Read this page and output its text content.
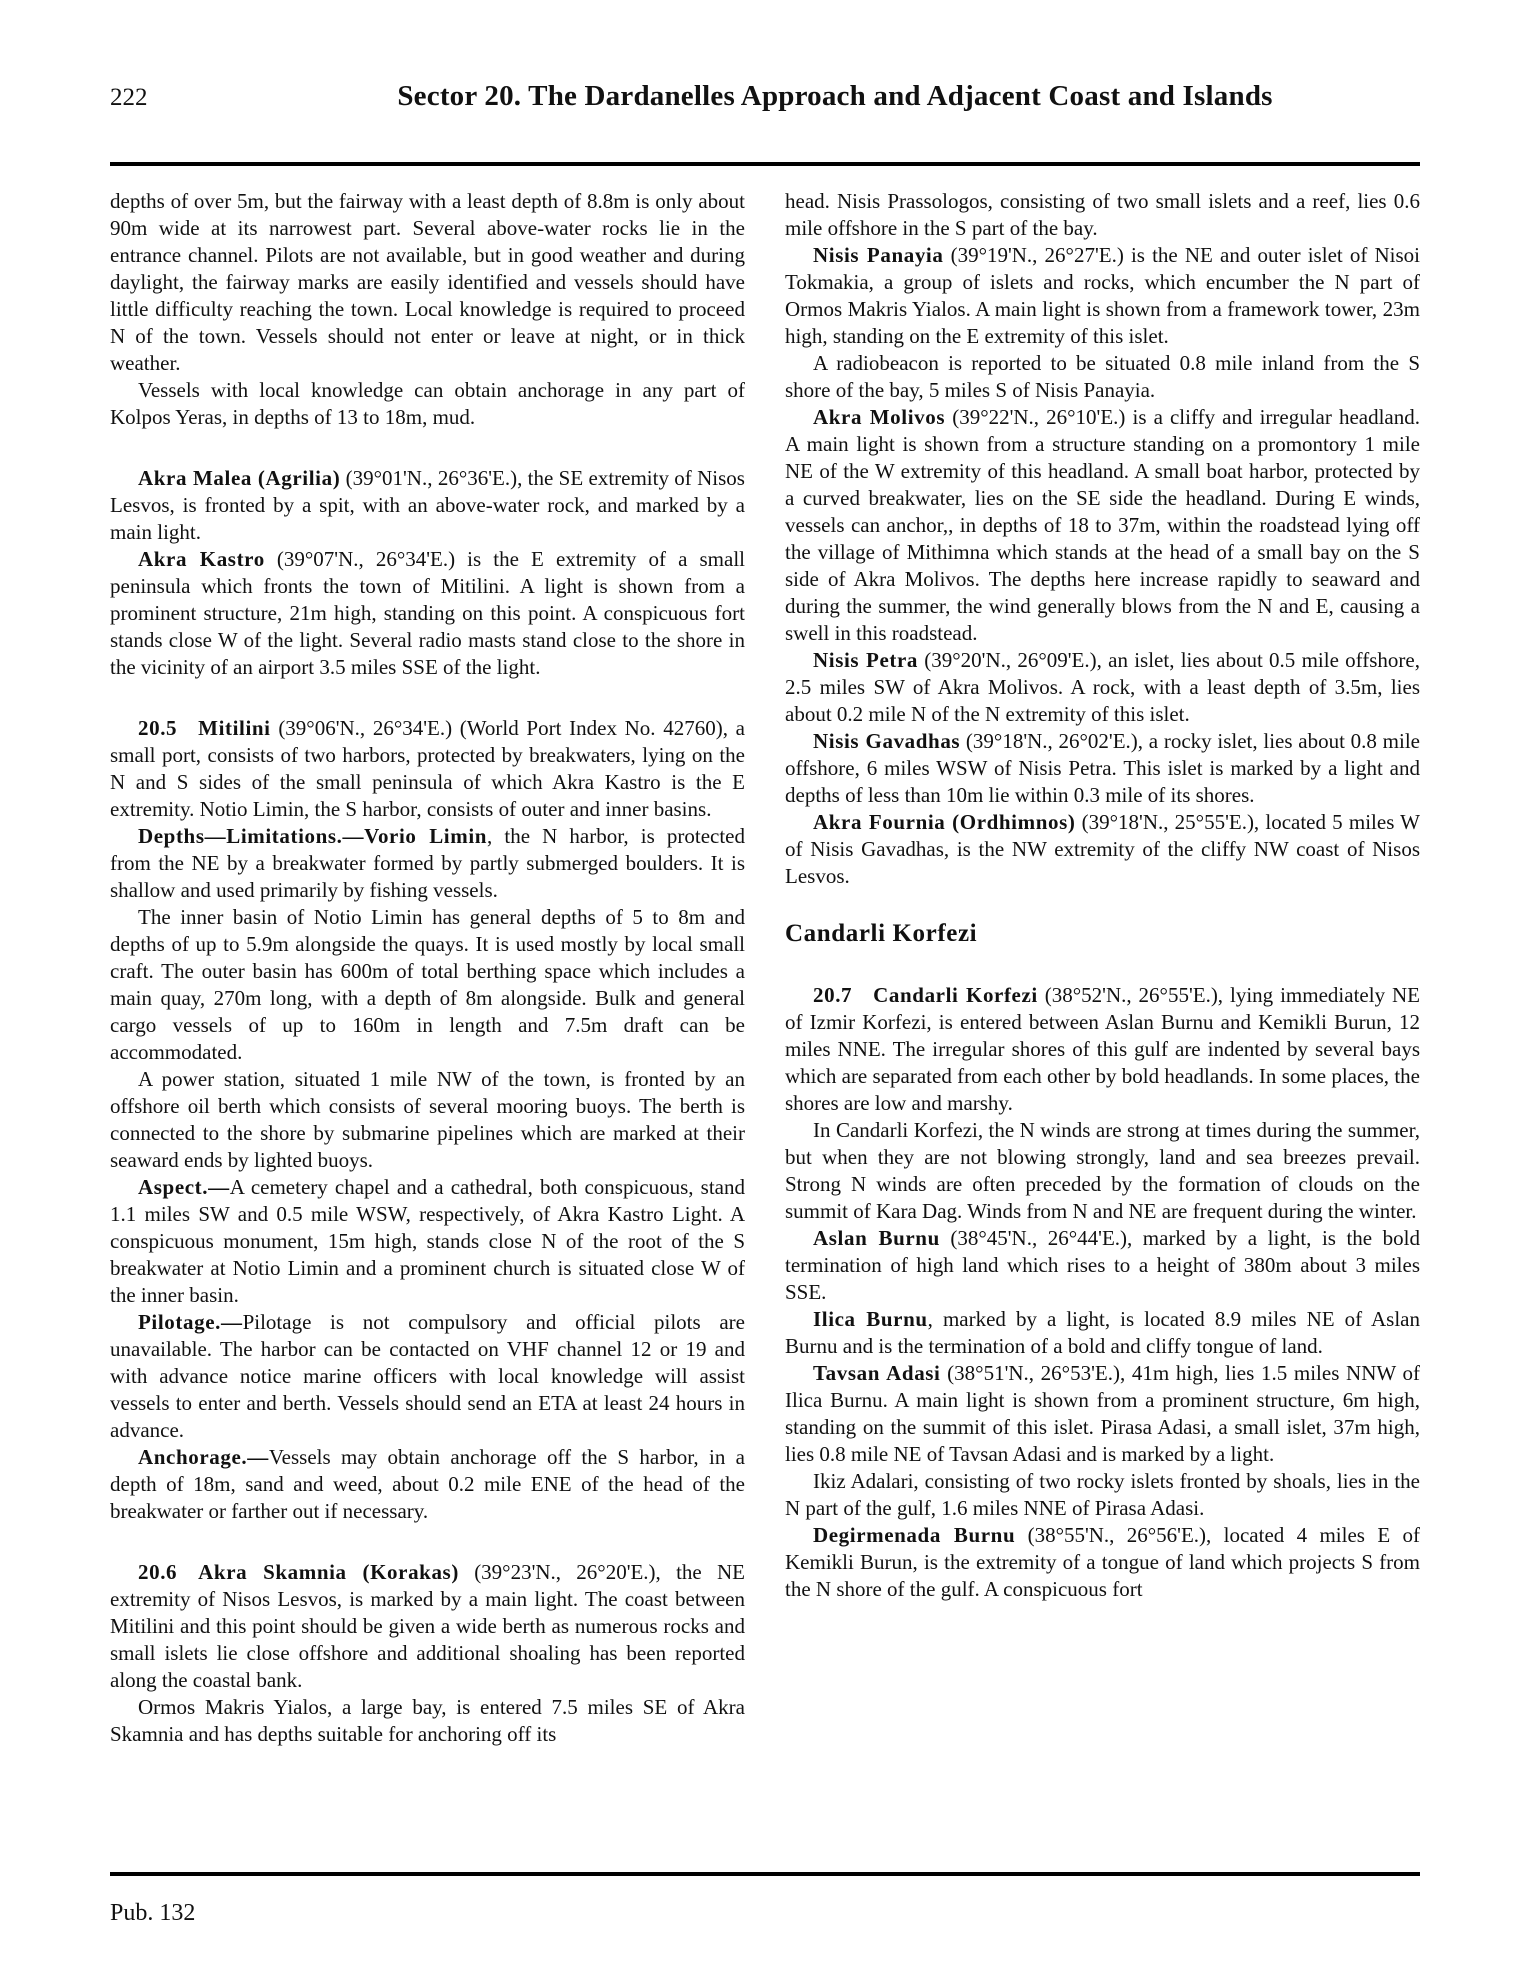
222	Sector 20. The Dardanelles Approach and Adjacent Coast and Islands

depths of over 5m, but the fairway with a least depth of 8.8m is only about 90m wide at its narrowest part. Several above-water rocks lie in the entrance channel. Pilots are not available, but in good weather and during daylight, the fairway marks are easily identified and vessels should have little difficulty reaching the town. Local knowledge is required to proceed N of the town. Vessels should not enter or leave at night, or in thick weather.

Vessels with local knowledge can obtain anchorage in any part of Kolpos Yeras, in depths of 13 to 18m, mud.

Akra Malea (Agrilia) (39°01'N., 26°36'E.), the SE extremity of Nisos Lesvos, is fronted by a spit, with an above-water rock, and marked by a main light.

Akra Kastro (39°07'N., 26°34'E.) is the E extremity of a small peninsula which fronts the town of Mitilini. A light is shown from a prominent structure, 21m high, standing on this point. A conspicuous fort stands close W of the light. Several radio masts stand close to the shore in the vicinity of an airport 3.5 miles SSE of the light.

20.5   Mitilini (39°06'N., 26°34'E.) (World Port Index No. 42760), a small port, consists of two harbors, protected by breakwaters, lying on the N and S sides of the small peninsula of which Akra Kastro is the E extremity. Notio Limin, the S harbor, consists of outer and inner basins.

Depths—Limitations.—Vorio Limin, the N harbor, is protected from the NE by a breakwater formed by partly submerged boulders. It is shallow and used primarily by fishing vessels.

The inner basin of Notio Limin has general depths of 5 to 8m and depths of up to 5.9m alongside the quays. It is used mostly by local small craft. The outer basin has 600m of total berthing space which includes a main quay, 270m long, with a depth of 8m alongside. Bulk and general cargo vessels of up to 160m in length and 7.5m draft can be accommodated.

A power station, situated 1 mile NW of the town, is fronted by an offshore oil berth which consists of several mooring buoys. The berth is connected to the shore by submarine pipelines which are marked at their seaward ends by lighted buoys.

Aspect.—A cemetery chapel and a cathedral, both conspicuous, stand 1.1 miles SW and 0.5 mile WSW, respectively, of Akra Kastro Light. A conspicuous monument, 15m high, stands close N of the root of the S breakwater at Notio Limin and a prominent church is situated close W of the inner basin.

Pilotage.—Pilotage is not compulsory and official pilots are unavailable. The harbor can be contacted on VHF channel 12 or 19 and with advance notice marine officers with local knowledge will assist vessels to enter and berth. Vessels should send an ETA at least 24 hours in advance.

Anchorage.—Vessels may obtain anchorage off the S harbor, in a depth of 18m, sand and weed, about 0.2 mile ENE of the head of the breakwater or farther out if necessary.

20.6   Akra Skamnia (Korakas) (39°23'N., 26°20'E.), the NE extremity of Nisos Lesvos, is marked by a main light. The coast between Mitilini and this point should be given a wide berth as numerous rocks and small islets lie close offshore and additional shoaling has been reported along the coastal bank.

Ormos Makris Yialos, a large bay, is entered 7.5 miles SE of Akra Skamnia and has depths suitable for anchoring off its

head. Nisis Prassologos, consisting of two small islets and a reef, lies 0.6 mile offshore in the S part of the bay.

Nisis Panayia (39°19'N., 26°27'E.) is the NE and outer islet of Nisoi Tokmakia, a group of islets and rocks, which encumber the N part of Ormos Makris Yialos. A main light is shown from a framework tower, 23m high, standing on the E extremity of this islet.

A radiobeacon is reported to be situated 0.8 mile inland from the S shore of the bay, 5 miles S of Nisis Panayia.

Akra Molivos (39°22'N., 26°10'E.) is a cliffy and irregular headland. A main light is shown from a structure standing on a promontory 1 mile NE of the W extremity of this headland. A small boat harbor, protected by a curved breakwater, lies on the SE side the headland. During E winds, vessels can anchor,, in depths of 18 to 37m, within the roadstead lying off the village of Mithimna which stands at the head of a small bay on the S side of Akra Molivos. The depths here increase rapidly to seaward and during the summer, the wind generally blows from the N and E, causing a swell in this roadstead.

Nisis Petra (39°20'N., 26°09'E.), an islet, lies about 0.5 mile offshore, 2.5 miles SW of Akra Molivos. A rock, with a least depth of 3.5m, lies about 0.2 mile N of the N extremity of this islet.

Nisis Gavadhas (39°18'N., 26°02'E.), a rocky islet, lies about 0.8 mile offshore, 6 miles WSW of Nisis Petra. This islet is marked by a light and depths of less than 10m lie within 0.3 mile of its shores.

Akra Fournia (Ordhimnos) (39°18'N., 25°55'E.), located 5 miles W of Nisis Gavadhas, is the NW extremity of the cliffy NW coast of Nisos Lesvos.

Candarli Korfezi

20.7   Candarli Korfezi (38°52'N., 26°55'E.), lying immediately NE of Izmir Korfezi, is entered between Aslan Burnu and Kemikli Burun, 12 miles NNE. The irregular shores of this gulf are indented by several bays which are separated from each other by bold headlands. In some places, the shores are low and marshy.

In Candarli Korfezi, the N winds are strong at times during the summer, but when they are not blowing strongly, land and sea breezes prevail. Strong N winds are often preceded by the formation of clouds on the summit of Kara Dag. Winds from N and NE are frequent during the winter.

Aslan Burnu (38°45'N., 26°44'E.), marked by a light, is the bold termination of high land which rises to a height of 380m about 3 miles SSE.

Ilica Burnu, marked by a light, is located 8.9 miles NE of Aslan Burnu and is the termination of a bold and cliffy tongue of land.

Tavsan Adasi (38°51'N., 26°53'E.), 41m high, lies 1.5 miles NNW of Ilica Burnu. A main light is shown from a prominent structure, 6m high, standing on the summit of this islet. Pirasa Adasi, a small islet, 37m high, lies 0.8 mile NE of Tavsan Adasi and is marked by a light.

Ikiz Adalari, consisting of two rocky islets fronted by shoals, lies in the N part of the gulf, 1.6 miles NNE of Pirasa Adasi.

Degirmenada Burnu (38°55'N., 26°56'E.), located 4 miles E of Kemikli Burun, is the extremity of a tongue of land which projects S from the N shore of the gulf. A conspicuous fort

Pub. 132
